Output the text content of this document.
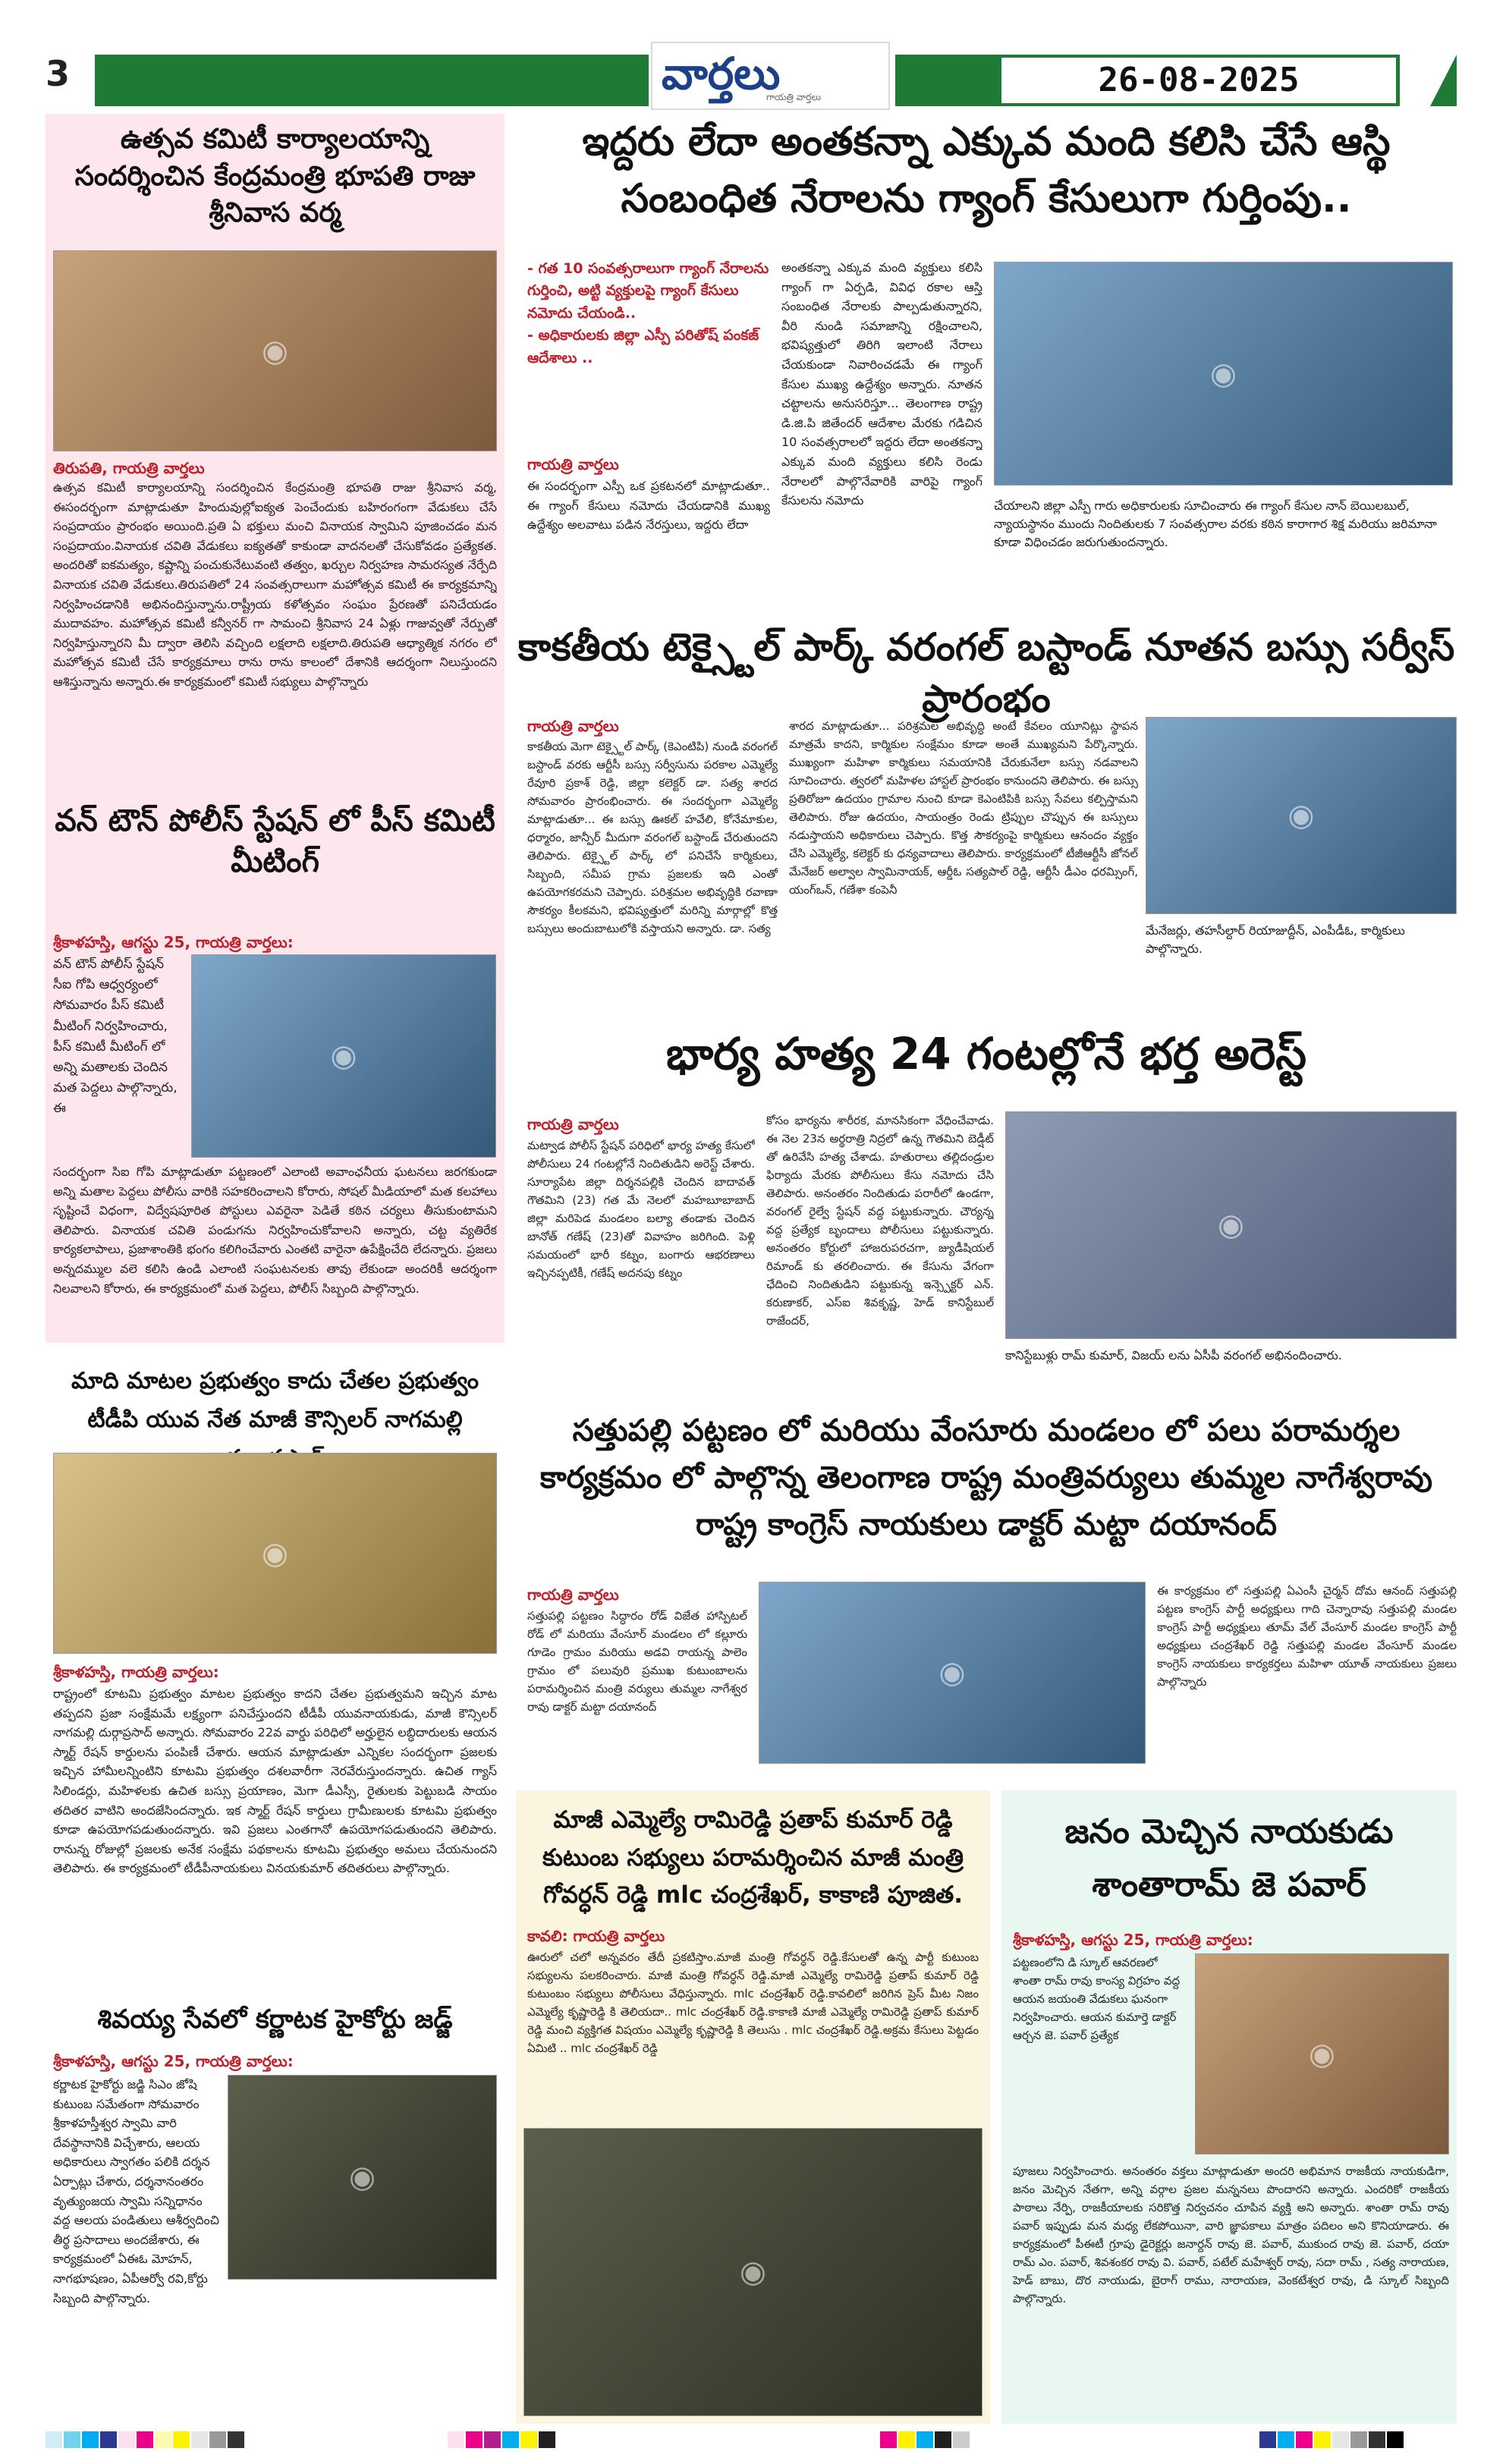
3	వార్తలు
గాయత్రి వార్తలు	26-08-2025
ఉత్సవ కమిటీ కార్యాలయాన్ని సందర్శించిన కేంద్రమంత్రి భూపతి రాజు శ్రీనివాస వర్మ
◉
తిరుపతి, గాయత్రి వార్తలు
ఉత్సవ కమిటీ కార్యాలయాన్ని సందర్శించిన కేంద్రమంత్రి భూపతి రాజు శ్రీనివాస వర్మ, ఈసందర్భంగా మాట్లాడుతూ హిందువుల్లోఐక్యత పెంచేందుకు బహిరంగంగా వేడుకలు చేసే సంప్రదాయం ప్రారంభం అయింది.ప్రతి ఏ భక్తులు మంచి వినాయక స్వామిని పూజించడం మన సంప్రదాయం.వినాయక చవితి వేడుకలు ఐక్యతతో కాకుండా వాదనలతో చేసుకోవడం ప్రత్యేకత. అందరితో ఐకమత్యం, కష్టాన్ని పంచుకునేటువంటి తత్వం, ఖర్చుల నిర్వహణ సామరస్యత నేర్పేది వినాయక చవితి వేడుకలు.తిరుపతిలో 24 సంవత్సరాలుగా మహోత్సవ కమిటీ ఈ కార్యక్రమాన్ని నిర్వహించడానికి అభినందిస్తున్నాను.రాష్ట్రీయ కళోత్సవం సంఘం ప్రేరణతో పనిచేయడం ముదావహం. మహోత్సవ కమిటీ కన్వీనర్ గా సామంచి శ్రీనివాస 24 ఏళ్లు గాజువ్వతో నేర్పుతో నిర్వహిస్తున్నారని మీ ద్వారా తెలిసి వచ్చింది లక్షలాది లక్షలాది.తిరుపతి ఆధ్యాత్మిక నగరం లో మహోత్సవ కమిటీ చేసే కార్యక్రమాలు రాను రాను కాలంలో దేశానికి ఆదర్శంగా నిలుస్తుందని ఆశిస్తున్నాను అన్నారు.ఈ కార్యక్రమంలో కమిటీ సభ్యులు పాల్గొన్నారు
వన్ టౌన్ పోలీస్ స్టేషన్ లో పీస్ కమిటీ మీటింగ్
శ్రీకాళహస్తి, ఆగస్టు 25, గాయత్రి వార్తలు:
వన్ టౌన్ పోలీస్ స్టేషన్ సీఐ గోపి ఆధ్వర్యంలో సోమవారం పీస్ కమిటీ మీటింగ్ నిర్వహించారు, పీస్ కమిటీ మీటింగ్ లో అన్ని మతాలకు చెందిన మత పెద్దలు పాల్గొన్నారు, ఈ
◉
సందర్భంగా సిఐ గోపి మాట్లాడుతూ పట్టణంలో ఎలాంటి అవాంఛనీయ ఘటనలు జరగకుండా అన్ని మతాల పెద్దలు పోలీసు వారికి సహకరించాలని కోరారు, సోషల్ మీడియాలో మత కలహాలు సృష్టించే విధంగా, విద్వేషపూరిత పోస్టులు ఎవరైనా పెడితే కఠిన చర్యలు తీసుకుంటామని తెలిపారు. వినాయక చవితి పండుగను నిర్వహించుకోవాలని అన్నారు, చట్ట వ్యతిరేక కార్యకలాపాలు, ప్రజాశాంతికి భంగం కలిగించేవారు ఎంతటి వారైనా ఉపేక్షించేది లేదన్నారు. ప్రజలు అన్నదమ్ముల వలె కలిసి ఉండి ఎలాంటి సంఘటనలకు తావు లేకుండా అందరికీ ఆదర్శంగా నిలవాలని కోరారు, ఈ కార్యక్రమంలో మత పెద్దలు, పోలీస్ సిబ్బంది పాల్గొన్నారు.
మాది మాటల ప్రభుత్వం కాదు చేతల ప్రభుత్వం టీడీపి యువ నేత మాజీ కౌన్సిలర్ నాగమల్లి
◉
శ్రీకాళహస్తి, గాయత్రి వార్తలు:
రాష్ట్రంలో కూటమి ప్రభుత్వం మాటల ప్రభుత్వం కాదని చేతల ప్రభుత్వమని ఇచ్చిన మాట తప్పదని ప్రజా సంక్షేమమే లక్ష్యంగా పనిచేస్తుందని టీడీపీ యువనాయకుడు, మాజీ కౌన్సిలర్ నాగమల్లి దుర్గాప్రసాద్ అన్నారు. సోమవారం 22వ వార్డు పరిధిలో అర్హులైన లబ్ధిదారులకు ఆయన స్మార్ట్ రేషన్ కార్డులను పంపిణీ చేశారు. ఆయన మాట్లాడుతూ ఎన్నికల సందర్భంగా ప్రజలకు ఇచ్చిన హామీలన్నింటిని కూటమి ప్రభుత్వం దశలవారీగా నెరవేరుస్తుందన్నారు. ఉచిత గ్యాస్ సిలిండర్లు, మహిళలకు ఉచిత బస్సు ప్రయాణం, మెగా డీఎస్సీ, రైతులకు పెట్టుబడి సాయం తదితర వాటిని అందజేసిందన్నారు. ఇక స్మార్ట్ రేషన్ కార్డులు గ్రామీణులకు కూటమి ప్రభుత్వం కూడా ఉపయోగపడుతుందన్నారు. ఇవి ప్రజలు ఎంతగానో ఉపయోగపడుతుందని తెలిపారు. రానున్న రోజుల్లో ప్రజలకు అనేక సంక్షేమ పథకాలను కూటమి ప్రభుత్వం అమలు చేయనుందని తెలిపారు. ఈ కార్యక్రమంలో టీడీపీనాయకులు వినయకుమార్ తదితరులు పాల్గొన్నారు.
శివయ్య సేవలో కర్ణాటక హైకోర్టు జడ్జ్
శ్రీకాళహస్తి, ఆగస్టు 25, గాయత్రి వార్తలు:
కర్ణాటక హైకోర్టు జడ్జి సిఎం జోషి కుటుంబ సమేతంగా సోమవారం శ్రీకాళహస్తీశ్వర స్వామి వారి దేవస్థానానికి విచ్చేశారు, ఆలయ అధికారులు స్వాగతం పలికి దర్శన ఏర్పాట్లు చేశారు, దర్శనానంతరం వృత్యుంజయ స్వామి సన్నిధానం వద్ద ఆలయ పండితులు ఆశీర్వదించి తీర్థ ప్రసాదాలు అందజేశారు, ఈ కార్యక్రమంలో ఏఈఓ మోహన్, నాగభూషణం, ఏపీఆర్వో రవి,కోర్టు సిబ్బంది పాల్గొన్నారు.
◉
ఇద్దరు లేదా అంతకన్నా ఎక్కువ మంది కలిసి చేసే ఆస్థి సంబంధిత నేరాలను గ్యాంగ్ కేసులుగా గుర్తింపు..
- గత 10 సంవత్సరాలుగా గ్యాంగ్ నేరాలను గుర్తించి, అట్టి వ్యక్తులపై గ్యాంగ్ కేసులు నమోదు చేయండి..
- అధికారులకు జిల్లా ఎస్పీ పరితోష్ పంకజ్ ఆదేశాలు ..
గాయత్రి వార్తలు
ఈ సందర్భంగా ఎస్పీ ఒక ప్రకటనలో మాట్లాడుతూ.. ఈ గ్యాంగ్ కేసులు నమోదు చేయడానికి ముఖ్య ఉద్దేశ్యం అలవాటు పడిన నేరస్తులు, ఇద్దరు లేదా
అంతకన్నా ఎక్కువ మంది వ్యక్తులు కలిసి గ్యాంగ్ గా ఏర్పడి, వివిధ రకాల ఆస్తి సంబంధిత నేరాలకు పాల్పడుతున్నారని, వీరి నుండి సమాజాన్ని రక్షించాలని, భవిష్యత్తులో తిరిగి ఇలాంటి నేరాలు చేయకుండా నివారించడమే ఈ గ్యాంగ్ కేసుల ముఖ్య ఉద్దేశ్యం అన్నారు. నూతన చట్టాలను అనుసరిస్తూ... తెలంగాణ రాష్ట్ర డి.జి.పి జితేందర్ ఆదేశాల మేరకు గడిచిన 10 సంవత్సరాలలో ఇద్దరు లేదా అంతకన్నా ఎక్కువ మంది వ్యక్తులు కలిసి రెండు నేరాలలో పాల్గొనేవారికి వారిపై గ్యాంగ్ కేసులను నమోదు
◉
చేయాలని జిల్లా ఎస్పీ గారు అధికారులకు సూచించారు ఈ గ్యాంగ్ కేసుల నాన్ బెయిలబుల్, న్యాయస్థానం ముందు నిందితులకు 7 సంవత్సరాల వరకు కఠిన కారాగార శిక్ష మరియు జరిమానా కూడా విధించడం జరుగుతుందన్నారు.
కాకతీయ టెక్స్టైల్ పార్క్ వరంగల్ బస్టాండ్ నూతన బస్సు సర్వీస్ ప్రారంభం
గాయత్రి వార్తలు
కాకతీయ మెగా టెక్స్టైల్ పార్క్ (కెఎంటిపి) నుండి వరంగల్ బస్టాండ్ వరకు ఆర్టీసీ బస్సు సర్వీసును పరకాల ఎమ్మెల్యే రేవూరి ప్రకాశ్ రెడ్డి, జిల్లా కలెక్టర్ డా. సత్య శారద సోమవారం ప్రారంభించారు. ఈ సందర్భంగా ఎమ్మెల్యే మాట్లాడుతూ... ఈ బస్సు ఊకల్ హవేలి, కోనేమాకుల, ధర్మారం, జాన్పీర్ మీదుగా వరంగల్ బస్టాండ్ చేరుతుందని తెలిపారు. టెక్స్టైల్ పార్క్ లో పనిచేసే కార్మికులు, సిబ్బంది, సమీప గ్రామ ప్రజలకు ఇది ఎంతో ఉపయోగకరమని చెప్పారు. పరిశ్రమల అభివృద్ధికి రవాణా సౌకర్యం కీలకమని, భవిష్యత్తులో మరిన్ని మార్గాల్లో కొత్త బస్సులు అందుబాటులోకి వస్తాయని అన్నారు. డా. సత్య
శారద మాట్లాడుతూ... పరిశ్రమల అభివృద్ధి అంటే కేవలం యూనిట్లు స్థాపన మాత్రమే కాదని, కార్మికుల సంక్షేమం కూడా అంతే ముఖ్యమని పేర్కొన్నారు. ముఖ్యంగా మహిళా కార్మికులు సమయానికి చేరుకునేలా బస్సు నడవాలని సూచించారు. త్వరలో మహిళల హాస్టల్ ప్రారంభం కానుందని తెలిపారు. ఈ బస్సు ప్రతిరోజూ ఉదయం గ్రామాల నుంచి కూడా కెఎంటిపికి బస్సు సేవలు కల్పిస్తామని తెలిపారు. రోజు ఉదయం, సాయంత్రం రెండు ట్రిప్పుల చొప్పున ఈ బస్సులు నడుస్తాయని అధికారులు చెప్పారు. కొత్త సౌకర్యంపై కార్మికులు ఆనందం వ్యక్తం చేసి ఎమ్మెల్యే, కలెక్టర్ కు ధన్యవాదాలు తెలిపారు. కార్యక్రమంలో టీజీఆర్టీసీ జోనల్ మేనేజర్ అల్వాల స్వామినాయక్, ఆర్డీఓ సత్యపాల్ రెడ్డి, ఆర్టీసీ డీఎం ధరమ్సింగ్, యంగ్ఒన్, గణేశా కంపెనీ
◉
మేనేజర్లు, తహసీల్దార్ రియాజుద్దీన్, ఎంపీడీఓ, కార్మికులు పాల్గొన్నారు.
భార్య హత్య 24 గంటల్లోనే భర్త అరెస్ట్
గాయత్రి వార్తలు
మట్వాడ పోలీస్ స్టేషన్ పరిధిలో భార్య హత్య కేసులో పోలీసులు 24 గంటల్లోనే నిందితుడిని అరెస్ట్ చేశారు. సూర్యాపేట జిల్లా దిర్శనపల్లికి చెందిన బాదావత్ గౌతమిని (23) గత మే నెలలో మహబూబాబాద్ జిల్లా మరిపెడ మండలం బల్యా తండాకు చెందిన బానోత్ గణేష్ (23)తో వివాహం జరిగింది. పెళ్లి సమయంలో భారీ కట్నం, బంగారు ఆభరణాలు ఇచ్చినప్పటికీ, గణేష్ అదనపు కట్నం
కోసం భార్యను శారీరక, మానసికంగా వేధించేవాడు. ఈ నెల 23న అర్థరాత్రి నిద్రలో ఉన్న గౌతమిని బెడ్షీట్ తో ఉరివేసి హత్య చేశాడు. హతురాలు తల్లిదండ్రుల ఫిర్యాదు మేరకు పోలీసులు కేసు నమోదు చేసి తెలిపారు. అనంతరం నిందితుడు పరారీలో ఉండగా, వరంగల్ రైల్వే స్టేషన్ వద్ద పట్టుకున్నారు. చౌర్యన్న వద్ద ప్రత్యేక బృందాలు పోలీసులు పట్టుకున్నారు. అనంతరం కోర్టులో హాజరుపరచగా, జ్యుడీషియల్ రిమాండ్ కు తరలించారు. ఈ కేసును వేగంగా ఛేదించి నిందితుడిని పట్టుకున్న ఇన్స్పెక్టర్ ఎన్. కరుణాకర్, ఎస్ఐ శివకృష్ణ, హెడ్ కానిస్టేబుల్ రాజేందర్,
◉
కానిస్టేబుళ్లు రామ్ కుమార్, విజయ్ లను ఏసీపీ వరంగల్ అభినందించారు.
సత్తుపల్లి పట్టణం లో మరియు వేంసూరు మండలం లో పలు పరామర్శల కార్యక్రమం లో పాల్గొన్న తెలంగాణ రాష్ట్ర మంత్రివర్యులు తుమ్మల నాగేశ్వరావు రాష్ట్ర కాంగ్రెస్ నాయకులు డాక్టర్ మట్టా దయానంద్
గాయత్రి వార్తలు
సత్తుపల్లి పట్టణం సిద్ధారం రోడ్ విజేత హాస్పిటల్ రోడ్ లో మరియు వేంసూర్ మండలం లో కల్లూరు గూడెం గ్రామం మరియు అడవి రాయన్న పాలెం గ్రామం లో పలువురి ప్రముఖ కుటుంబాలను పరామర్శించిన మంత్రి వర్యులు తుమ్మల నాగేశ్వర రావు డాక్టర్ మట్టా దయానంద్
◉
ఈ కార్యక్రమం లో సత్తుపల్లి ఏఎంసీ చైర్మన్ దోమ ఆనంద్ సత్తుపల్లి పట్టణ కాంగ్రెస్ పార్టీ అధ్యక్షులు గాది చెన్నారావు సత్తుపల్లి మండల కాంగ్రెస్ పార్టీ అధ్యక్షులు తూమ్ వేల్ వేంసూర్ మండల కాంగ్రెస్ పార్టీ అధ్యక్షులు చంద్రశేఖర్ రెడ్డి సత్తుపల్లి మండల వేంసూర్ మండల కాంగ్రెస్ నాయకులు కార్యకర్తలు మహిళా యూత్ నాయకులు ప్రజలు పాల్గొన్నారు
మాజీ ఎమ్మెల్యే రామిరెడ్డి ప్రతాప్ కుమార్ రెడ్డి కుటుంబ సభ్యులు పరామర్శించిన మాజీ మంత్రి గోవర్ధన్ రెడ్డి mlc చంద్రశేఖర్, కాకాణి పూజిత.
కావలి: గాయత్రి వార్తలు
ఊరులో చలో అన్నవరం తేదీ ప్రకటిస్తాం.మాజీ మంత్రి గోవర్ధన్ రెడ్డి.కేసులతో ఉన్న పార్టీ కుటుంబ సభ్యులను పలకరించారు. మాజీ మంత్రి గోవర్ధన్ రెడ్డి.మాజీ ఎమ్మెల్యే రామిరెడ్డి ప్రతాప్ కుమార్ రెడ్డి కుటుంబం సభ్యులు పోలీసులు వేధిస్తున్నారు. mlc చంద్రశేఖర్ రెడ్డి.కావలిలో జరిగిన ప్రెస్ మీట నిజం ఎమ్మెల్యే కృష్ణారెడ్డి కి తెలియదా.. mlc చంద్రశేఖర్ రెడ్డి.కాకాణి మాజీ ఎమ్మెల్యే రామిరెడ్డి ప్రతాప్ కుమార్ రెడ్డి మంచి వ్యక్తిగత విషయం ఎమ్మెల్యే కృష్ణారెడ్డి కి తెలుసు . mlc చంద్రశేఖర్ రెడ్డి.అక్రమ కేసులు పెట్టడం ఏమిటి .. mlc చంద్రశేఖర్ రెడ్డి
◉
జనం మెచ్చిన నాయకుడు శాంతారామ్ జె పవార్
శ్రీకాళహస్తి, ఆగస్టు 25, గాయత్రి వార్తలు:
పట్టణంలోని డి స్కూల్ ఆవరణలో శాంతా రామ్ రావు కాంస్య విగ్రహం వద్ద ఆయన జయంతి వేడుకలు ఘనంగా నిర్వహించారు. ఆయన కుమార్తె డాక్టర్ ఆర్చన జె. పవార్ ప్రత్యేక
◉
పూజలు నిర్వహించారు. అనంతరం వక్తలు మాట్లాడుతూ అందరి అభిమాన రాజకీయ నాయకుడిగా, జనం మెచ్చిన నేతగా, అన్ని వర్గాల ప్రజల మన్ననలు పొందారని అన్నారు. ఎందరికో రాజకీయ పాఠాలు నేర్పి, రాజకీయాలకు సరికొత్త నిర్వచనం చూపిన వ్యక్తి అని అన్నారు. శాంతా రామ్ రావు పవార్ ఇప్పుడు మన మధ్య లేకపోయినా, వారి జ్ఞాపకాలు మాత్రం పదిలం అని కొనియాడారు. ఈ కార్యక్రమంలో పీఈటీ గ్రూపు డైరెక్టర్లు జనార్దన్ రావు జె. పవార్, ముకుంద రావు జె. పవార్, దయా రామ్ ఎం. పవార్, శివశంకర రావు వి. పవార్, పటేల్ మహేశ్వర్ రావు, సదా రామ్ , సత్య నారాయణ, హెడ్ బాబు, దొర నాయుడు, బైరాగ్ రాము, నారాయణ, వెంకటేశ్వర రావు, డి స్కూల్ సిబ్బంది పాల్గొన్నారు.
